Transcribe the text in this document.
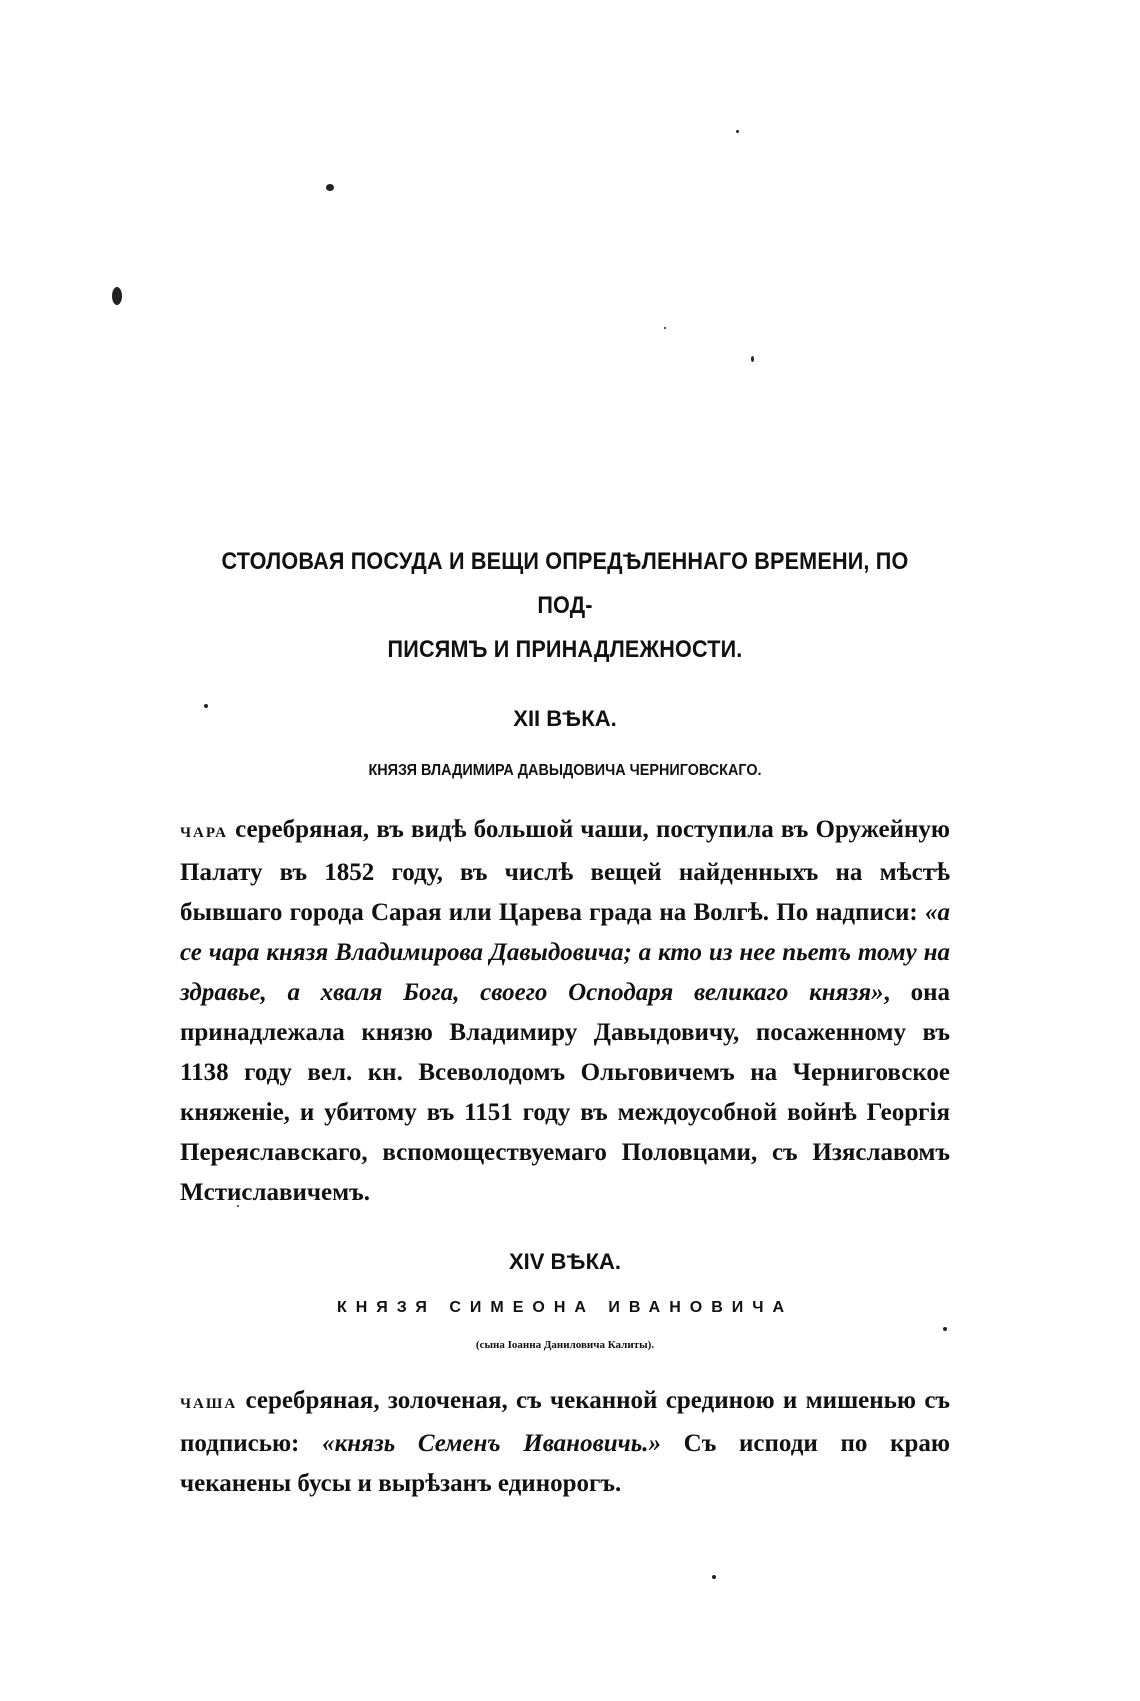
СТОЛОВАЯ ПОСУДА И ВЕЩИ ОПРЕДѢЛЕННАГО ВРЕМЕНИ, ПО ПОД-
ПИСЯМЪ И ПРИНАДЛЕЖНОСТИ.
XII ВѢКА.
КНЯЗЯ ВЛАДИМИРА ДАВЫДОВИЧА ЧЕРНИГОВСКАГО.

ЧАРА серебряная, въ видѣ большой чаши, поступила въ Оружейную Палату въ 1852 году, въ числѣ вещей найденныхъ на мѣстѣ бывшаго города Сарая или Царева града на Волгѣ. По надписи: «а се чара князя Владимирова Давыдовича; а кто из нее пьетъ тому на здравье, а хваля Бога, своего Осподаря великаго князя», она принадлежала князю Владимиру Давыдовичу, посаженному въ 1138 году вел. кн. Всеволодомъ Ольговичемъ на Черниговское княженіе, и убитому въ 1151 году въ междоусобной войнѣ Георгія Переяславскаго, вспомоществуемаго Половцами, съ Изяславомъ Мстиславичемъ.

XIV ВѢКА.
КНЯЗЯ СИМЕОНА ИВАНОВИЧА
(сына Іоанна Даниловича Калиты).

ЧАША серебряная, золоченая, съ чеканной срединою и мишенью съ подписью: «князь Семенъ Ивановичь.» Съ исподи по краю чеканены бусы и вырѣзанъ единорогъ.
